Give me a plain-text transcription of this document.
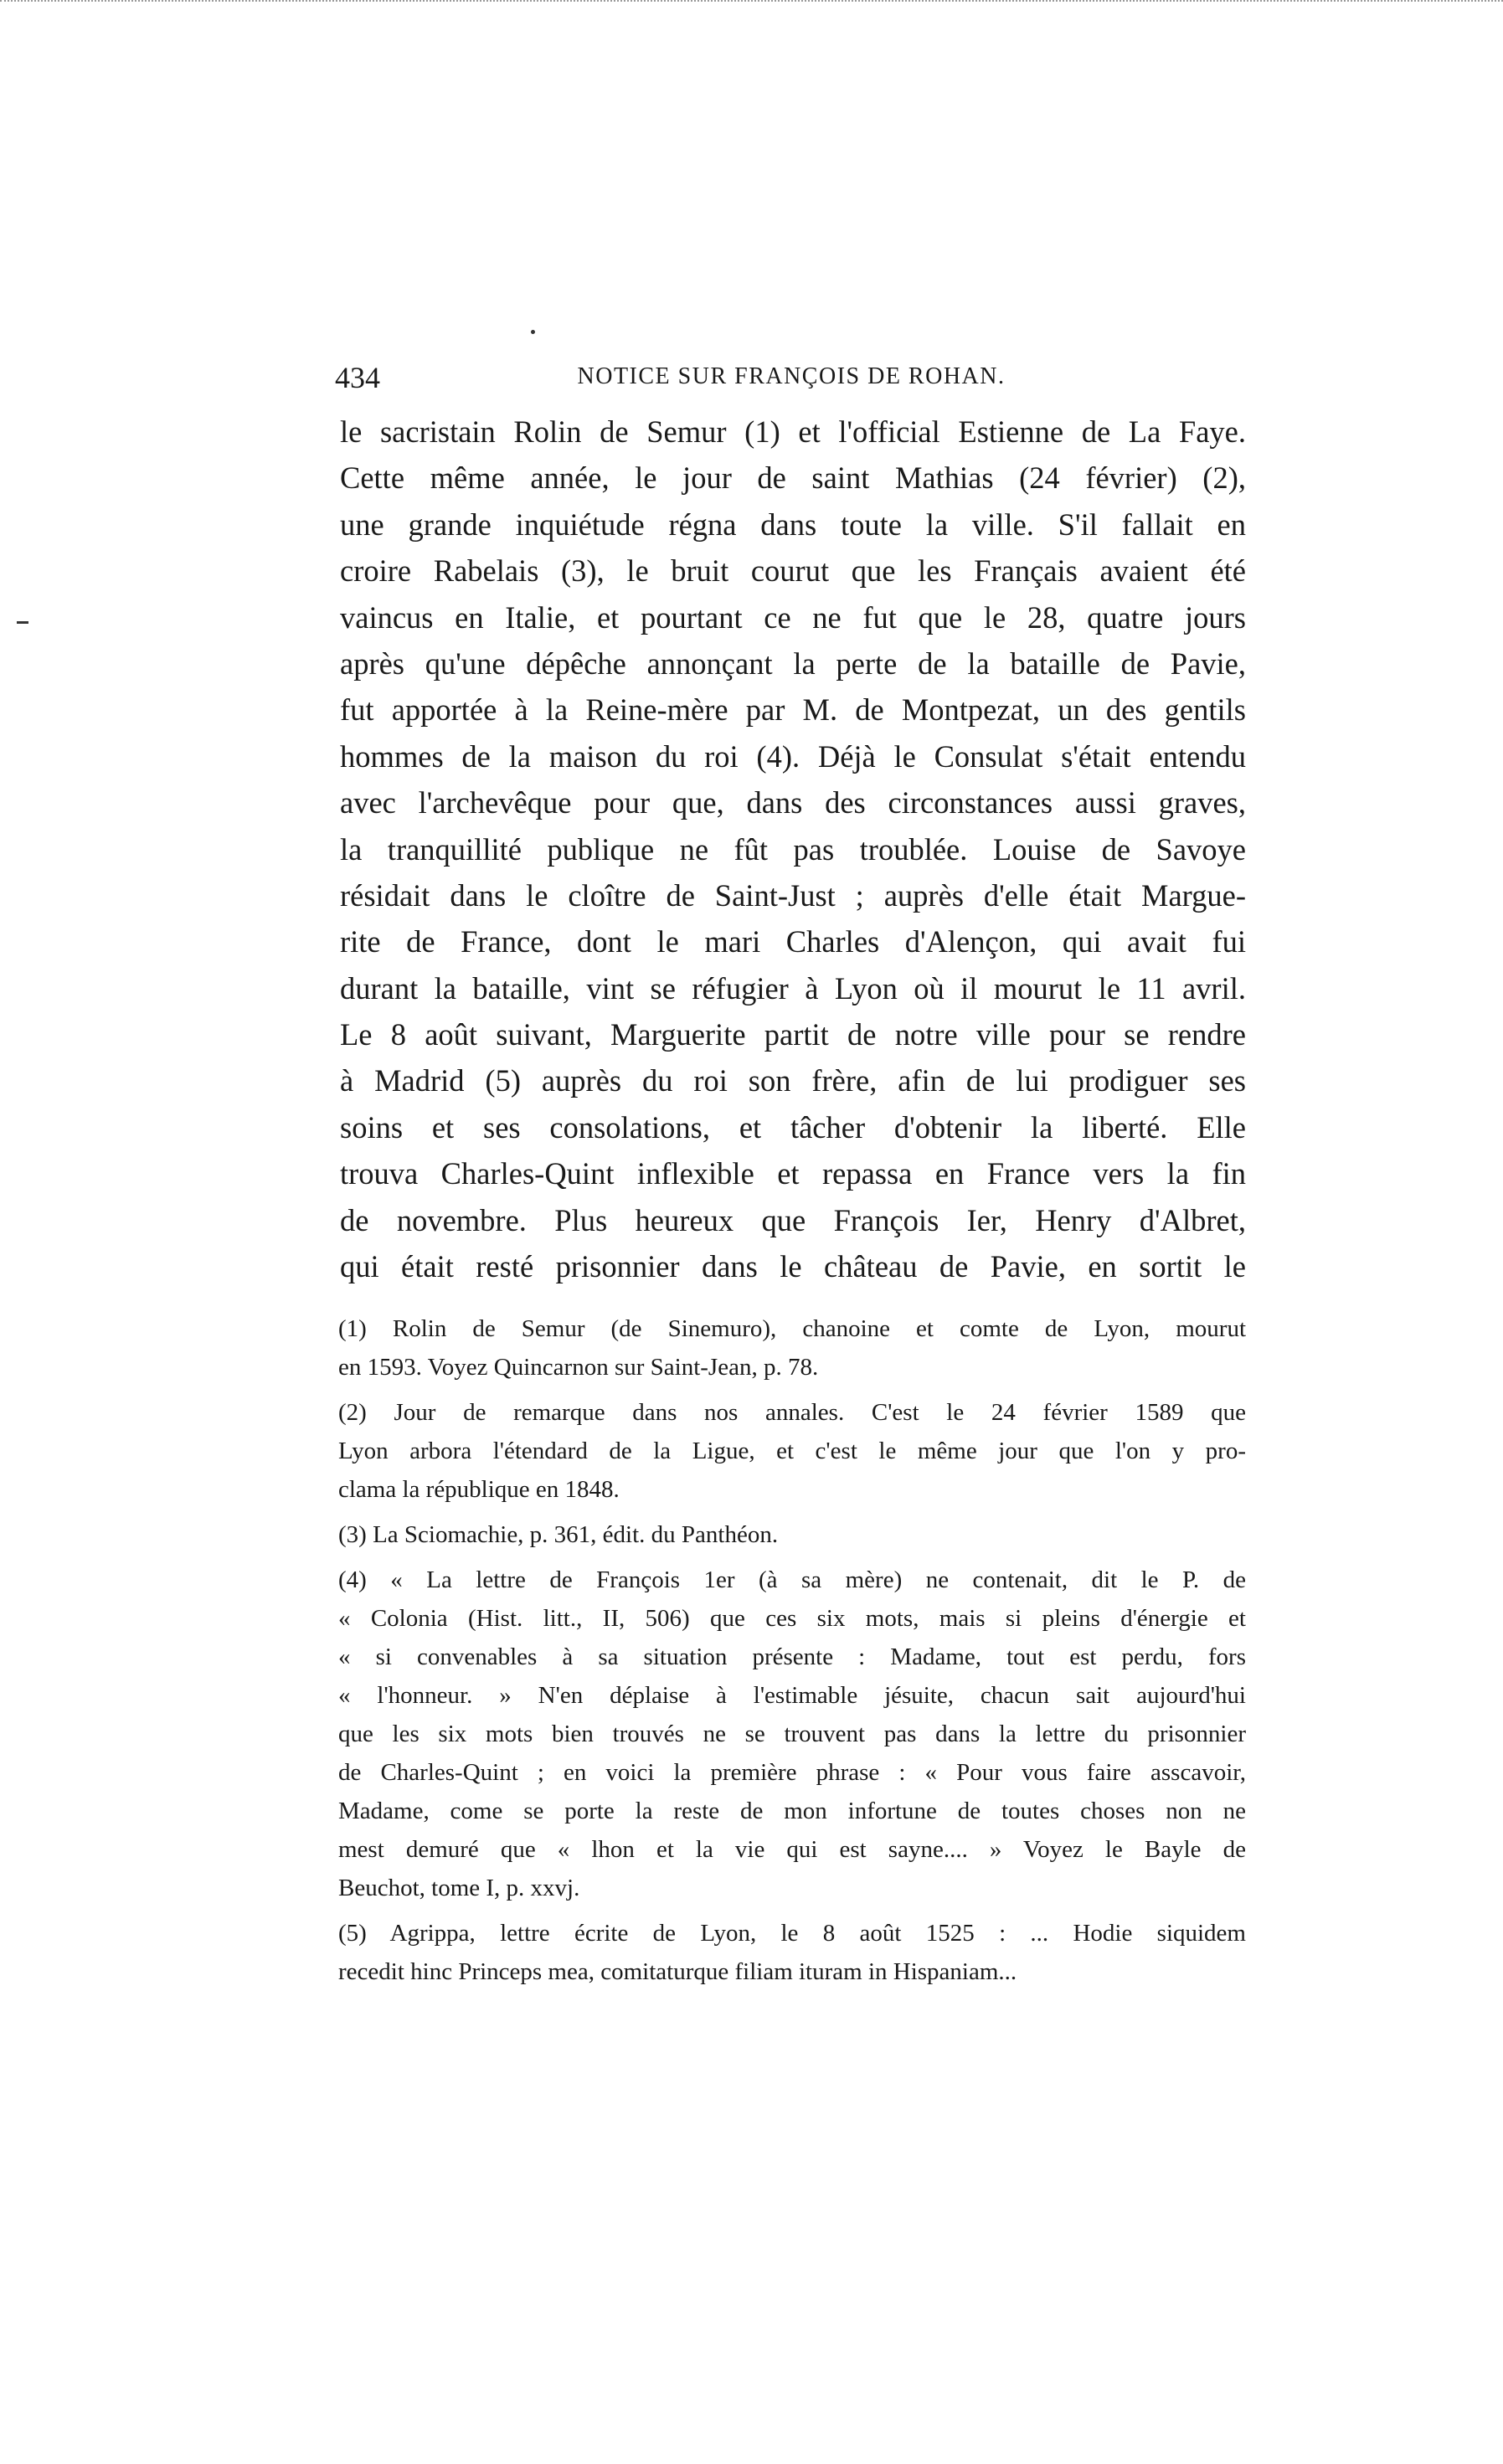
434	NOTICE SUR FRANÇOIS DE ROHAN.
le sacristain Rolin de Semur (1) et l'official Estienne de La Faye.
Cette même année, le jour de saint Mathias (24 février) (2),
une grande inquiétude régna dans toute la ville. S'il fallait en
croire Rabelais (3), le bruit courut que les Français avaient été
vaincus en Italie, et pourtant ce ne fut que le 28, quatre jours
après qu'une dépêche annonçant la perte de la bataille de Pavie,
fut apportée à la Reine-mère par M. de Montpezat, un des gentils
hommes de la maison du roi (4). Déjà le Consulat s'était entendu
avec l'archevêque pour que, dans des circonstances aussi graves,
la tranquillité publique ne fût pas troublée. Louise de Savoye
résidait dans le cloître de Saint-Just ; auprès d'elle était Margue-
rite de France, dont le mari Charles d'Alençon, qui avait fui
durant la bataille, vint se réfugier à Lyon où il mourut le 11 avril.
Le 8 août suivant, Marguerite partit de notre ville pour se rendre
à Madrid (5) auprès du roi son frère, afin de lui prodiguer ses
soins et ses consolations, et tâcher d'obtenir la liberté. Elle
trouva Charles-Quint inflexible et repassa en France vers la fin
de novembre. Plus heureux que François Ier, Henry d'Albret,
qui était resté prisonnier dans le château de Pavie, en sortit le
(1) Rolin de Semur (de Sinemuro), chanoine et comte de Lyon, mourut
en 1593. Voyez Quincarnon sur Saint-Jean, p. 78.
(2) Jour de remarque dans nos annales. C'est le 24 février 1589 que
Lyon arbora l'étendard de la Ligue, et c'est le même jour que l'on y pro-
clama la république en 1848.
(3) La Sciomachie, p. 361, édit. du Panthéon.
(4) « La lettre de François 1er (à sa mère) ne contenait, dit le P. de
« Colonia (Hist. litt., II, 506) que ces six mots, mais si pleins d'énergie et
« si convenables à sa situation présente : Madame, tout est perdu, fors
« l'honneur. » N'en déplaise à l'estimable jésuite, chacun sait aujourd'hui
que les six mots bien trouvés ne se trouvent pas dans la lettre du prisonnier
de Charles-Quint ; en voici la première phrase : « Pour vous faire asscavoir,
Madame, come se porte la reste de mon infortune de toutes choses non ne
mest demuré que « lhon et la vie qui est sayne.... » Voyez le Bayle de
Beuchot, tome I, p. xxvj.
(5) Agrippa, lettre écrite de Lyon, le 8 août 1525 : ... Hodie siquidem
recedit hinc Princeps mea, comitaturque filiam ituram in Hispaniam...
